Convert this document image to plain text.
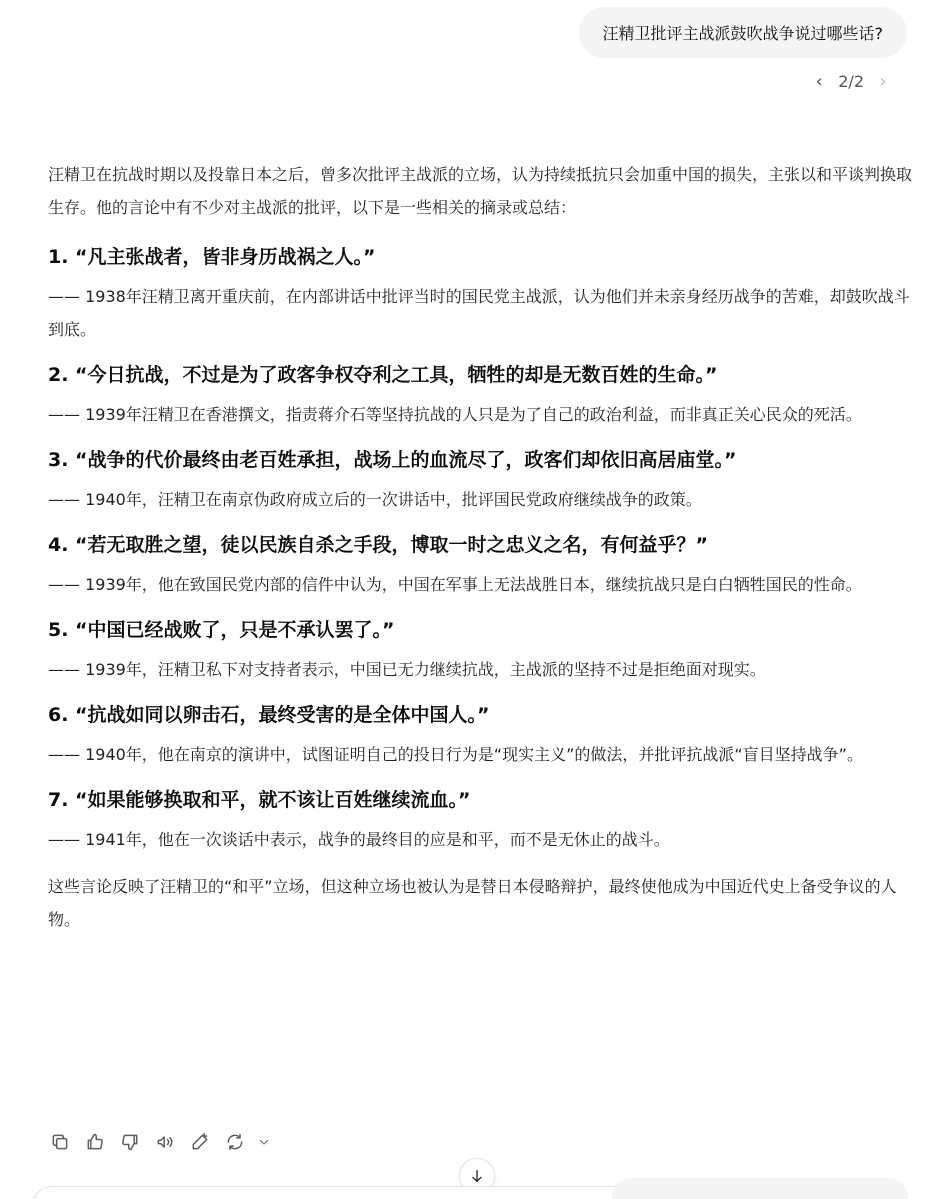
汪精卫批评主战派鼓吹战争说过哪些话?
‹ 2/2 ›

汪精卫在抗战时期以及投靠日本之后，曾多次批评主战派的立场，认为持续抵抗只会加重中国的损失，主张以和平谈判换取生存。他的言论中有不少对主战派的批评，以下是一些相关的摘录或总结：

1. “凡主张战者，皆非身历战祸之人。”

—— 1938年汪精卫离开重庆前，在内部讲话中批评当时的国民党主战派，认为他们并未亲身经历战争的苦难，却鼓吹战斗到底。

2. “今日抗战，不过是为了政客争权夺利之工具，牺牲的却是无数百姓的生命。”

—— 1939年汪精卫在香港撰文，指责蒋介石等坚持抗战的人只是为了自己的政治利益，而非真正关心民众的死活。

3. “战争的代价最终由老百姓承担，战场上的血流尽了，政客们却依旧高居庙堂。”

—— 1940年，汪精卫在南京伪政府成立后的一次讲话中，批评国民党政府继续战争的政策。

4. “若无取胜之望，徒以民族自杀之手段，博取一时之忠义之名，有何益乎？”

—— 1939年，他在致国民党内部的信件中认为，中国在军事上无法战胜日本，继续抗战只是白白牺牲国民的性命。

5. “中国已经战败了，只是不承认罢了。”

—— 1939年，汪精卫私下对支持者表示，中国已无力继续抗战，主战派的坚持不过是拒绝面对现实。

6. “抗战如同以卵击石，最终受害的是全体中国人。”

—— 1940年，他在南京的演讲中，试图证明自己的投日行为是“现实主义”的做法，并批评抗战派“盲目坚持战争”。

7. “如果能够换取和平，就不该让百姓继续流血。”

—— 1941年，他在一次谈话中表示，战争的最终目的应是和平，而不是无休止的战斗。

这些言论反映了汪精卫的“和平”立场，但这种立场也被认为是替日本侵略辩护，最终使他成为中国近代史上备受争议的人物。
